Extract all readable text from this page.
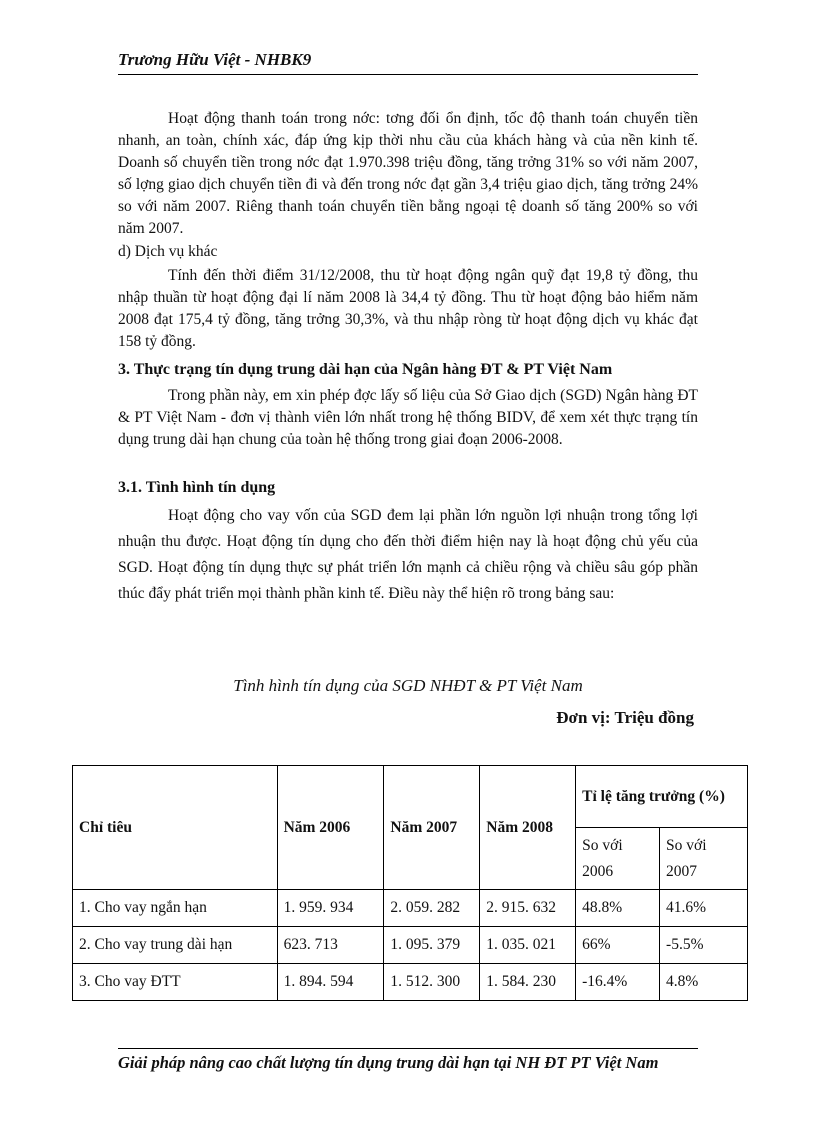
Trương Hữu Việt - NHBK9
Hoạt động thanh toán trong nớc: tơng đối ổn định, tốc độ thanh toán chuyển tiền nhanh, an toàn, chính xác, đáp ứng kịp thời nhu cầu của khách hàng và của nền kinh tế. Doanh số chuyển tiền trong nớc đạt 1.970.398 triệu đồng, tăng trởng 31% so với năm 2007, số lợng giao dịch chuyển tiền đi và đến trong nớc đạt gần 3,4 triệu giao dịch, tăng trởng 24% so với năm 2007. Riêng thanh toán chuyển tiền bằng ngoại tệ doanh số tăng 200% so với năm 2007.
d) Dịch vụ khác
Tính đến thời điểm 31/12/2008, thu từ hoạt động ngân quỹ đạt 19,8 tỷ đồng, thu nhập thuần từ hoạt động đại lí năm 2008 là 34,4 tỷ đồng. Thu từ hoạt động bảo hiểm năm 2008 đạt 175,4 tỷ đồng, tăng trởng 30,3%, và thu nhập ròng từ hoạt động dịch vụ khác đạt 158 tỷ đồng.
3. Thực trạng tín dụng trung dài hạn của Ngân hàng ĐT & PT Việt Nam
Trong phần này, em xin phép đợc lấy số liệu của Sở Giao dịch (SGD) Ngân hàng ĐT & PT Việt Nam - đơn vị thành viên lớn nhất trong hệ thống BIDV, để xem xét thực trạng tín dụng trung dài hạn chung của toàn hệ thống trong giai đoạn 2006-2008.
3.1. Tình hình tín dụng
Hoạt động cho vay vốn của SGD đem lại phần lớn nguồn lợi nhuận trong tổng lợi nhuận thu được. Hoạt động tín dụng cho đến thời điểm hiện nay là hoạt động chủ yếu của SGD. Hoạt động tín dụng thực sự phát triển lớn mạnh cả chiều rộng và chiều sâu góp phần thúc đẩy phát triển mọi thành phần kinh tế. Điều này thể hiện rõ trong bảng sau:
Tình hình tín dụng của SGD NHĐT & PT Việt Nam
Đơn vị: Triệu đồng
Chỉ tiêu	Năm 2006	Năm 2007	Năm 2008	Tỉ lệ tăng trưởng (%)	
				So với 2006	So với 2007
1. Cho vay ngắn hạn	1. 959. 934	2. 059. 282	2. 915. 632	48.8%	41.6%
2. Cho vay trung dài hạn	623. 713	1. 095. 379	1. 035. 021	66%	-5.5%
3. Cho vay ĐTT	1. 894. 594	1. 512. 300	1. 584. 230	-16.4%	4.8%
Giải pháp nâng cao chất lượng tín dụng trung dài hạn tại NH ĐT PT Việt Nam
